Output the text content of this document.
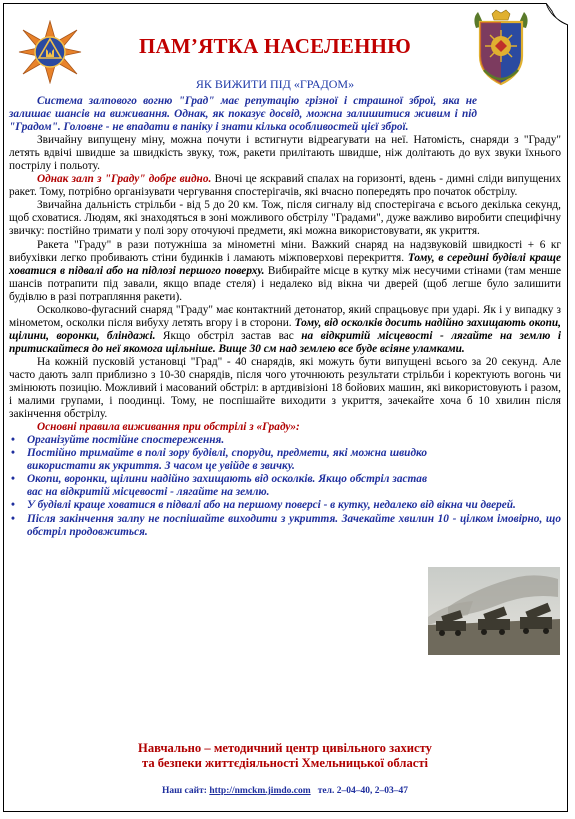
ПАМ’ЯТКА НАСЕЛЕННЮ
ЯК ВИЖИТИ ПІД «ГРАДОМ»

Система залпового вогню "Град" має репутацію грізної і страшної зброї, яка не залишає шансів на виживання. Однак, як показує досвід, можна залишитися живим і під "Градом". Головне - не впадати в паніку і знати кілька особливостей цієї зброї.

Звичайну випущену міну, можна почути і встигнути відреагувати на неї. Натомість, снаряди з "Граду" летять вдвічі швидше за швидкість звуку, тож, ракети прилітають швидше, ніж долітають до вух звуки їхнього пострілу і польоту.

Однак залп з "Граду" добре видно. Вночі це яскравий спалах на горизонті, вдень - димні сліди випущених ракет. Тому, потрібно організувати чергування спостерігачів, які вчасно попередять про початок обстрілу.

Звичайна дальність стрільби - від 5 до 20 км. Тож, після сигналу від спостерігача є всього декілька секунд, щоб сховатися. Людям, які знаходяться в зоні можливого обстрілу "Градами", дуже важливо виробити специфічну звичку: постійно тримати у полі зору оточуючі предмети, які можна використовувати, як укриття.

Ракета "Граду" в рази потужніша за мінометні міни. Важкий снаряд на надзвуковій швидкості + 6 кг вибухівки легко пробивають стіни будинків і ламають міжповерхові перекриття. Тому, в середині будівлі краще ховатися в підвалі або на підлозі першого поверху. Вибирайте місце в кутку між несучими стінами (там менше шансів потрапити під завали, якщо впаде стеля) і недалеко від вікна чи дверей (щоб легше було залишити будівлю в разі потрапляння ракети).

Осколково-фугасний снаряд "Граду" має контактний детонатор, який спрацьовує при ударі. Як і у випадку з мінометом, осколки після вибуху летять вгору і в сторони. Тому, від осколків досить надійно захищають окопи, щілини, воронки, бліндажі. Якщо обстріл застав вас на відкритій місцевості - лягайте на землю і притискайтеся до неї якомога щільніше. Вище 30 см над землею все буде всіяне уламками.

На кожній пусковій установці "Град" - 40 снарядів, які можуть бути випущені всього за 20 секунд. Але часто дають залп приблизно з 10-30 снарядів, після чого уточнюють результати стрільби і коректують вогонь чи змінюють позицію. Можливий і масований обстріл: в артдивізіоні 18 бойових машин, які використовують і разом, і малими групами, і поодинці. Тому, не поспішайте виходити з укриття, зачекайте хоча б 10 хвилин після закінчення обстрілу.

Основні правила виживання при обстрілі з «Граду»:

• Організуйте постійне спостереження.
• Постійно тримайте в полі зору будівлі, споруди, предмети, які можна швидко використати як укриття. З часом це увійде в звичку.
• Окопи, воронки, щілини надійно захищають від осколків. Якщо обстріл застав вас на відкритій місцевості - лягайте на землю.
• У будівлі краще ховатися в підвалі або на першому поверсі - в кутку, недалеко від вікна чи дверей.
• Після закінчення залпу не поспішайте виходити з укриття. Зачекайте хвилин 10 - цілком імовірно, що обстріл продовжиться.
Навчально – методичний центр цивільного захисту
та безпеки життєдіяльності Хмельницької області
Наш сайт: http://nmckm.jimdo.com тел. 2–04–40, 2–03–47
